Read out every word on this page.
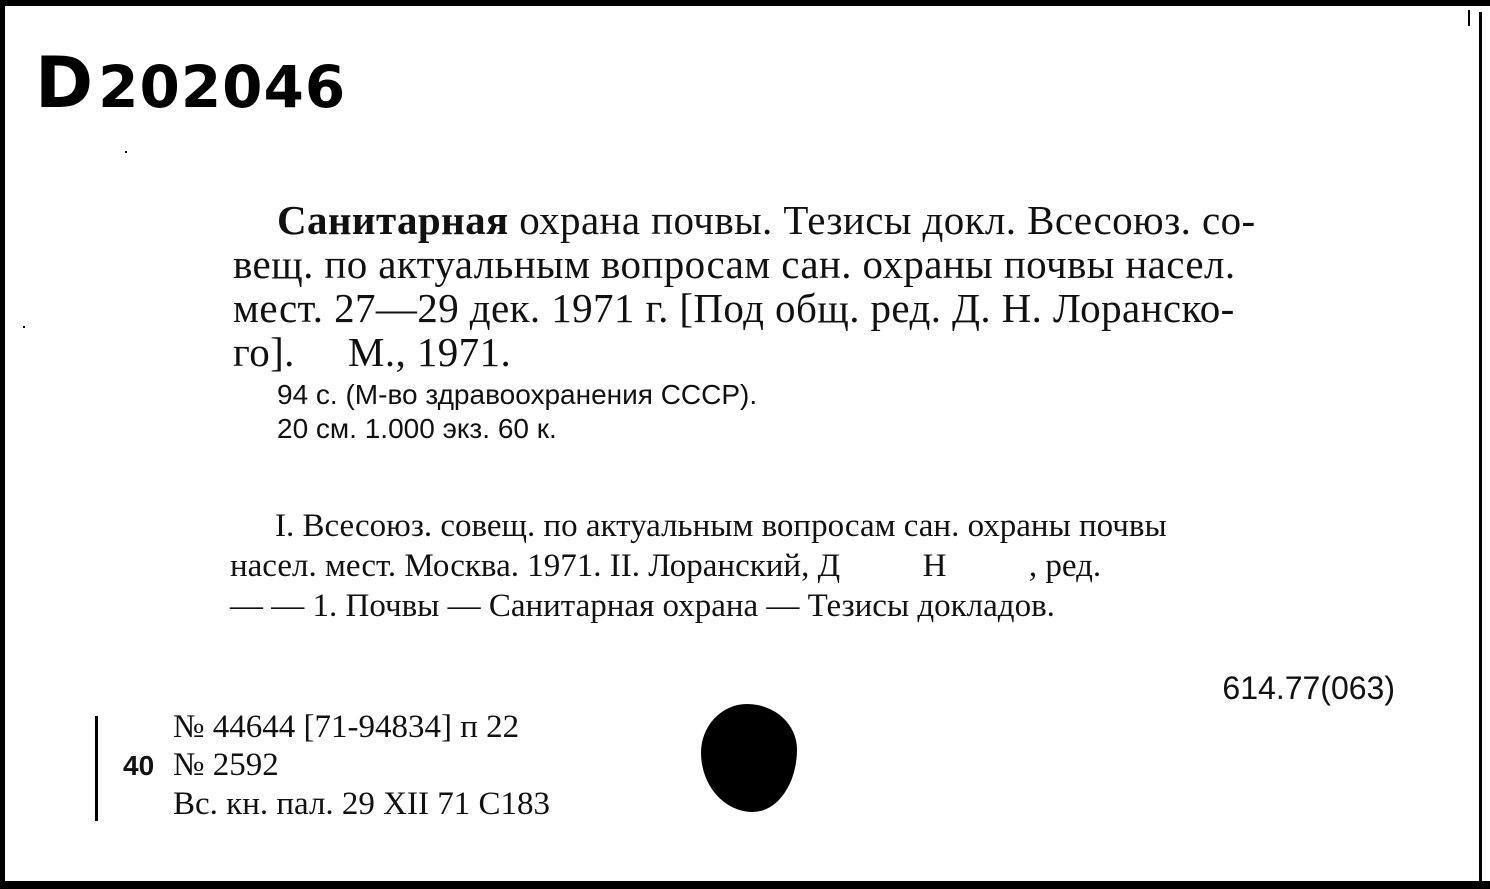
D202046
Санитарная охрана почвы. Тезисы докл. Всесоюз. со-
вещ. по актуальным вопросам сан. охраны почвы насел.
мест. 27—29 дек. 1971 г. [Под общ. ред. Д. Н. Лоранско-
го].     М., 1971.
94 с. (М-во здравоохранения СССР).
20 см. 1.000 экз. 60 к.
I. Всесоюз. совещ. по актуальным вопросам сан. охраны почвы
насел. мест. Москва. 1971. II. Лоранский, Д          Н          , ред.
— — 1. Почвы — Санитарная охрана — Тезисы докладов.
614.77(063)
№ 44644 [71-94834] п 22
40 № 2592
Вс. кн. пал. 29 XII 71 С183
